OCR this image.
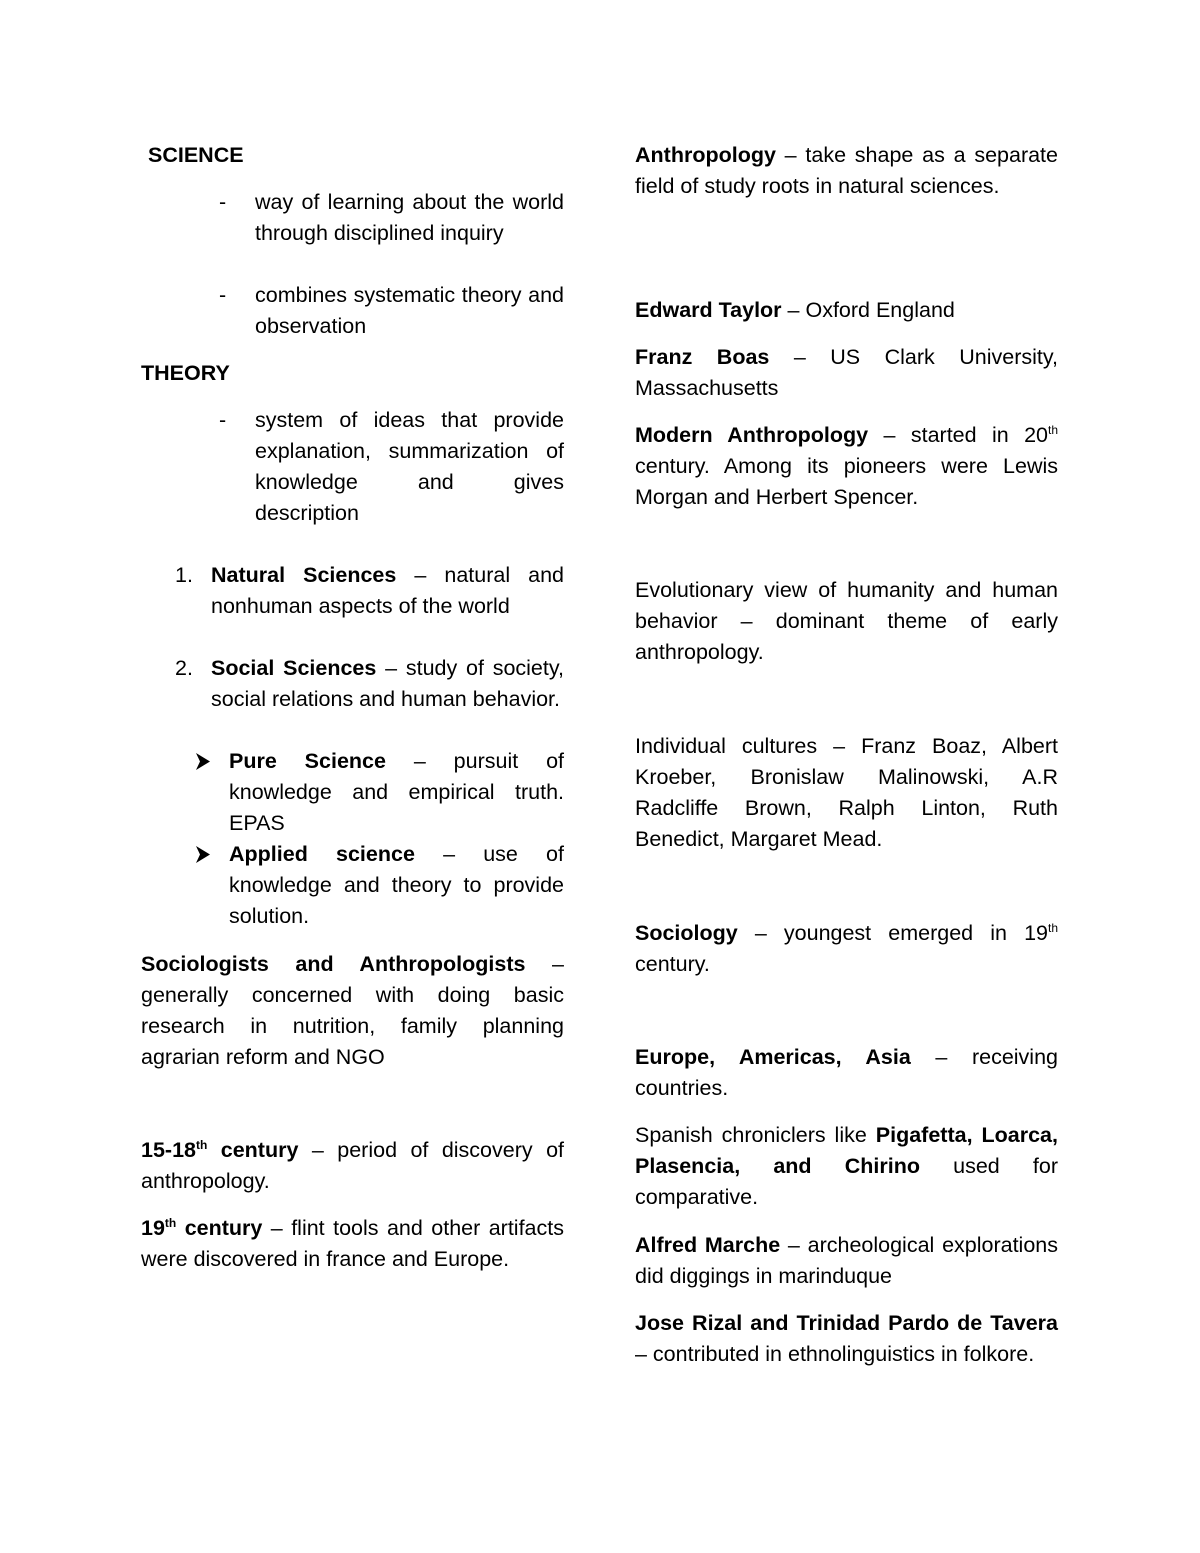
SCIENCE
- way of learning about the world through disciplined inquiry
- combines systematic theory and observation
THEORY
- system of ideas that provide explanation, summarization of knowledge and gives description
1. Natural Sciences – natural and nonhuman aspects of the world
2. Social Sciences – study of society, social relations and human behavior.
Pure Science – pursuit of knowledge and empirical truth. EPAS
Applied science – use of knowledge and theory to provide solution.
Sociologists and Anthropologists – generally concerned with doing basic research in nutrition, family planning agrarian reform and NGO
15-18th century – period of discovery of anthropology.
19th century – flint tools and other artifacts were discovered in france and Europe.
Anthropology – take shape as a separate field of study roots in natural sciences.
Edward Taylor – Oxford England
Franz Boas – US Clark University, Massachusetts
Modern Anthropology – started in 20th century. Among its pioneers were Lewis Morgan and Herbert Spencer.
Evolutionary view of humanity and human behavior – dominant theme of early anthropology.
Individual cultures – Franz Boaz, Albert Kroeber, Bronislaw Malinowski, A.R Radcliffe Brown, Ralph Linton, Ruth Benedict, Margaret Mead.
Sociology – youngest emerged in 19th century.
Europe, Americas, Asia – receiving countries.
Spanish chroniclers like Pigafetta, Loarca, Plasencia, and Chirino used for comparative.
Alfred Marche – archeological explorations did diggings in marinduque
Jose Rizal and Trinidad Pardo de Tavera – contributed in ethnolinguistics in folkore.
